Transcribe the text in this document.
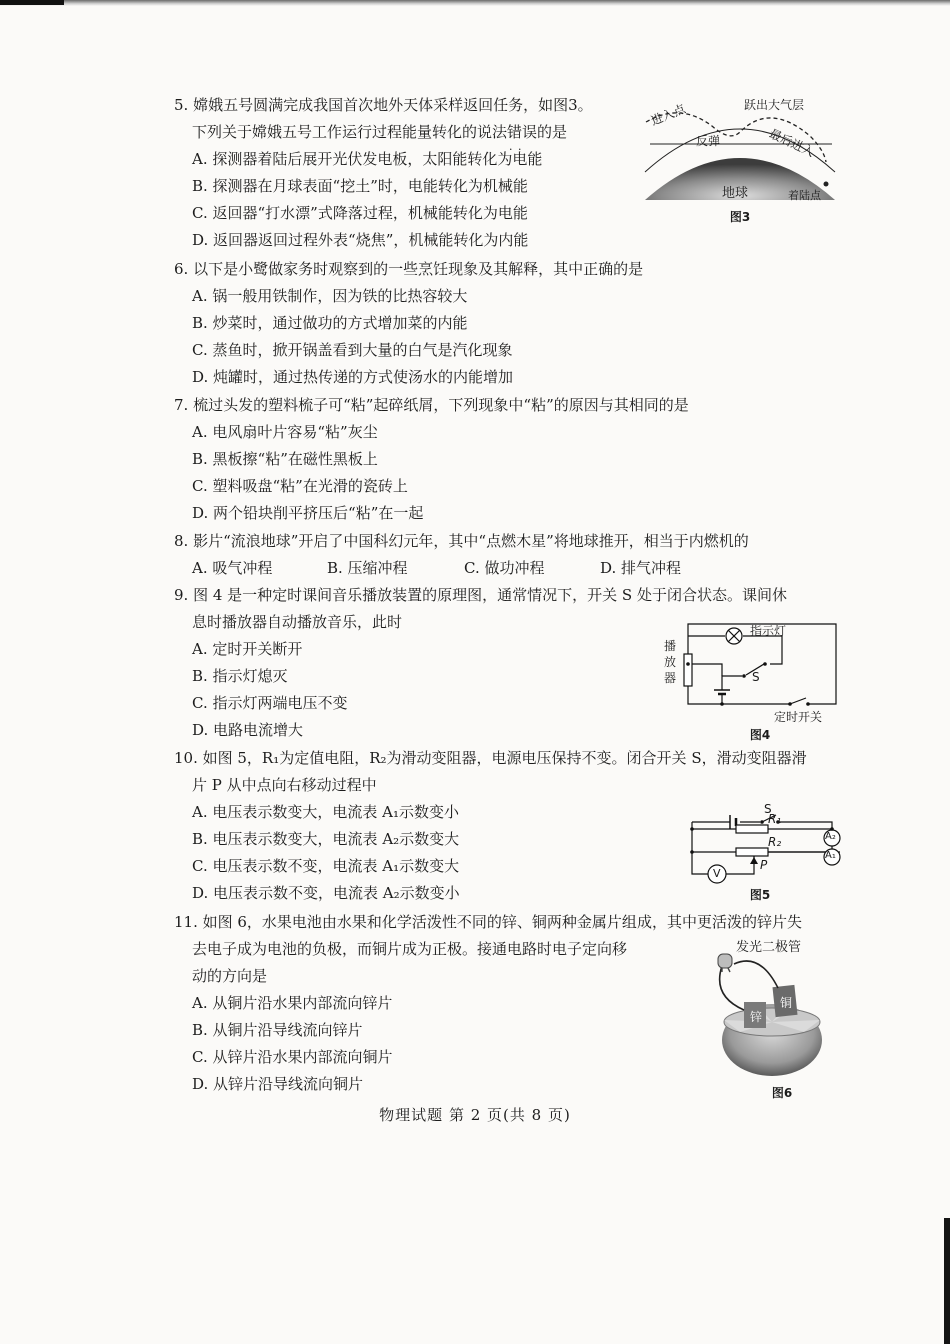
5. 嫦娥五号圆满完成我国首次地外天体采样返回任务，如图3。
下列关于嫦娥五号工作运行过程能量转化的说法错误 · ·的是
A. 探测器着陆后展开光伏发电板，太阳能转化为电能
B. 探测器在月球表面“挖土”时，电能转化为机械能
C. 返回器“打水漂”式降落过程，机械能转化为电能
D. 返回器返回过程外表“烧焦”，机械能转化为内能
6. 以下是小鹭做家务时观察到的一些烹饪现象及其解释，其中正确的是
A. 锅一般用铁制作，因为铁的比热容较大
B. 炒菜时，通过做功的方式增加菜的内能
C. 蒸鱼时，掀开锅盖看到大量的白气是汽化现象
D. 炖罐时，通过热传递的方式使汤水的内能增加
7. 梳过头发的塑料梳子可“粘”起碎纸屑，下列现象中“粘”的原因与其相同的是
A. 电风扇叶片容易“粘”灰尘
B. 黑板擦“粘”在磁性黑板上
C. 塑料吸盘“粘”在光滑的瓷砖上
D. 两个铅块削平挤压后“粘”在一起
8. 影片“流浪地球”开启了中国科幻元年，其中“点燃木星”将地球推开，相当于内燃机的
A. 吸气冲程	B. 压缩冲程	C. 做功冲程	D. 排气冲程
9. 图 4 是一种定时课间音乐播放装置的原理图，通常情况下，开关 S 处于闭合状态。课间休
息时播放器自动播放音乐，此时
A. 定时开关断开
B. 指示灯熄灭
C. 指示灯两端电压不变
D. 电路电流增大
10. 如图 5，R₁为定值电阻，R₂为滑动变阻器，电源电压保持不变。闭合开关 S，滑动变阻器滑
片 P 从中点向右移动过程中
A. 电压表示数变大，电流表 A₁示数变小
B. 电压表示数变大，电流表 A₂示数变大
C. 电压表示数不变，电流表 A₁示数变大
D. 电压表示数不变，电流表 A₂示数变小
11. 如图 6，水果电池由水果和化学活泼性不同的锌、铜两种金属片组成，其中更活泼的锌片失
去电子成为电池的负极，而铜片成为正极。接通电路时电子定向移
动的方向是
A. 从铜片沿水果内部流向锌片
B. 从铜片沿导线流向锌片
C. 从锌片沿水果内部流向铜片
D. 从锌片沿导线流向铜片
进入点	跃出大气层
反弹	最后进入
地球	着陆点
图3
播放器
指示灯
S
定时开关
图4
S
R₁
R₂
P
V
A₂
A₁
图5
发光二极管
铜
锌
图6
物理试题 第 2 页(共 8 页)
